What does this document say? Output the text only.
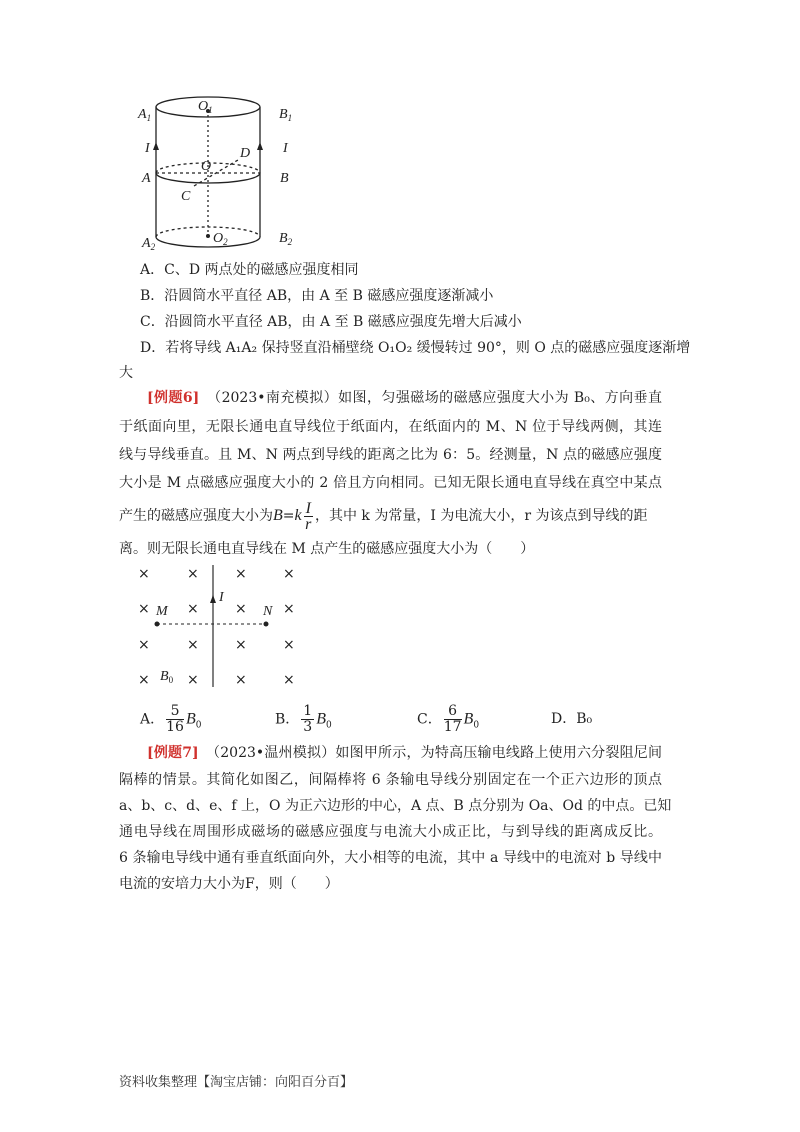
$A_1$	$B_1$
$O_1$
I	I
D
O
A	B
C
$A_2$
$B_2$
$O_2$
A．C、D 两点处的磁感应强度相同
B．沿圆筒水平直径 AB，由 A 至 B 磁感应强度逐渐减小
C．沿圆筒水平直径 AB，由 A 至 B 磁感应强度先增大后减小
D．若将导线 A₁A₂ 保持竖直沿桶壁绕 O₁O₂ 缓慢转过 90°，则 O 点的磁感应强度逐渐增
大
[例题6]　 （2023•南充模拟）如图，匀强磁场的磁感应强度大小为 B₀、方向垂直
于纸面向里，无限长通电直导线位于纸面内，在纸面内的 M、N 位于导线两侧，其连
线与导线垂直。且 M、N 两点到导线的距离之比为 6：5。经测量，N 点的磁感应强度
大小是 M 点磁感应强度大小的 2 倍且方向相同。已知无限长通电直导线在真空中某点
产生的磁感应强度大小为$B=k \frac{I}{r}$ ，其中 k 为常量，I 为电流大小，r 为该点到导线的距
离。则无限长通电直导线在 M 点产生的磁感应强度大小为（　　）
×	×	×	×
×	×	×	×
×	×	×	×
×	×	×	×
M	N
I
$B_0$
A． $\frac{5}{16} B_0$	B． $\frac{1}{3} B_0$	C． $\frac{6}{17} B_0$	D．B₀
[例题7]　 （2023•温州模拟）如图甲所示，为特高压输电线路上使用六分裂阻尼间
隔棒的情景。其简化如图乙，间隔棒将 6 条输电导线分别固定在一个正六边形的顶点
a、b、c、d、e、f 上，O 为正六边形的中心，A 点、B 点分别为 Oa、Od 的中点。已知
通电导线在周围形成磁场的磁感应强度与电流大小成正比，与到导线的距离成反比。
6 条输电导线中通有垂直纸面向外，大小相等的电流，其中 a 导线中的电流对 b 导线中
电流的安培力大小为F，则（　　）
资料收集整理【淘宝店铺：向阳百分百】
